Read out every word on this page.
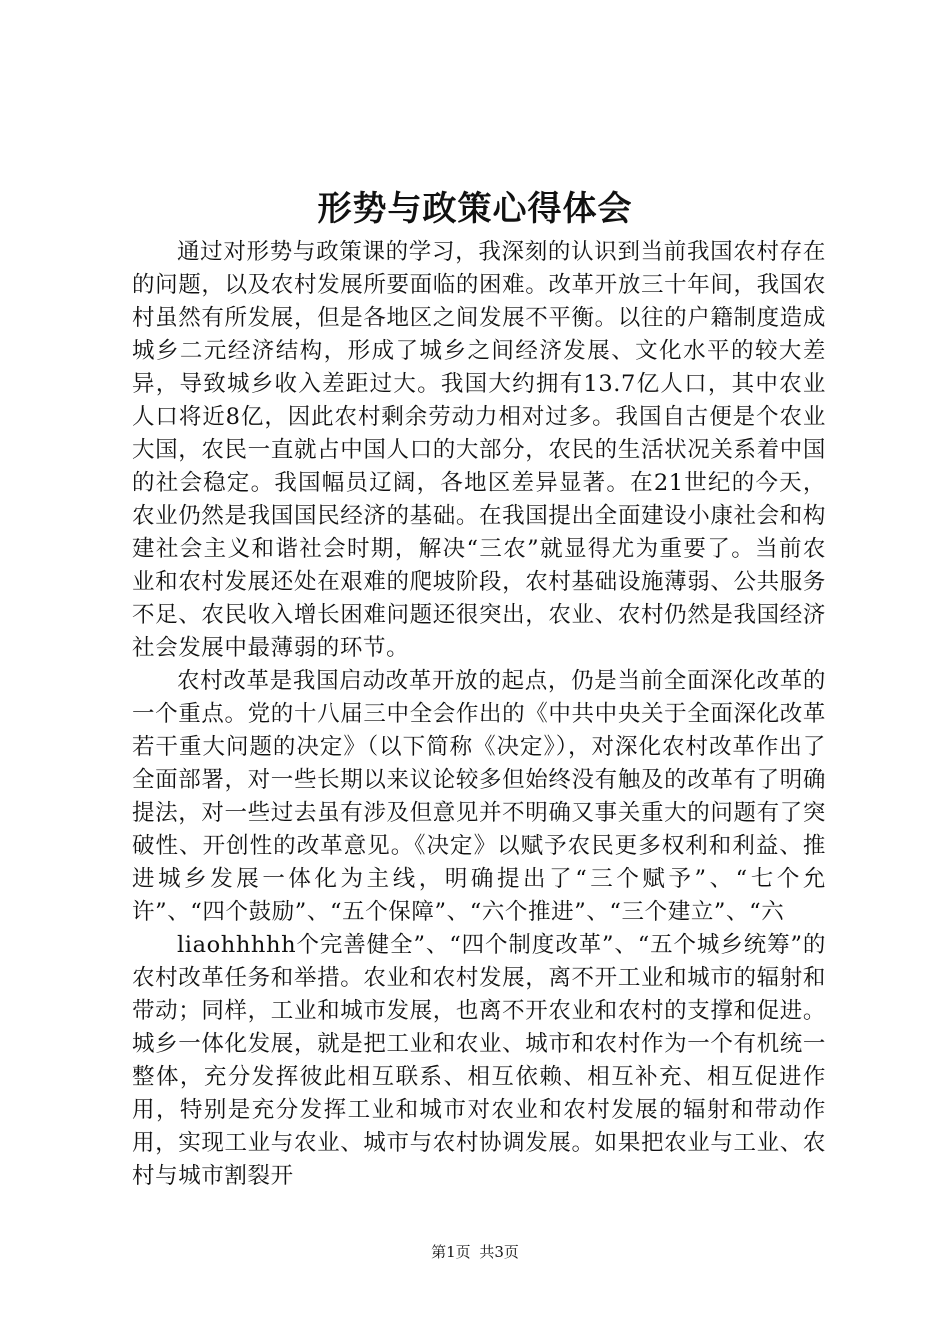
形势与政策心得体会

通过对形势与政策课的学习，我深刻的认识到当前我国农村存在的问题，以及农村发展所要面临的困难。改革开放三十年间，我国农村虽然有所发展，但是各地区之间发展不平衡。以往的户籍制度造成城乡二元经济结构，形成了城乡之间经济发展、文化水平的较大差异，导致城乡收入差距过大。我国大约拥有13.7亿人口，其中农业人口将近8亿，因此农村剩余劳动力相对过多。我国自古便是个农业大国，农民一直就占中国人口的大部分，农民的生活状况关系着中国的社会稳定。我国幅员辽阔，各地区差异显著。在21世纪的今天，农业仍然是我国国民经济的基础。在我国提出全面建设小康社会和构建社会主义和谐社会时期，解决“三农”就显得尤为重要了。当前农业和农村发展还处在艰难的爬坡阶段，农村基础设施薄弱、公共服务不足、农民收入增长困难问题还很突出，农业、农村仍然是我国经济社会发展中最薄弱的环节。

农村改革是我国启动改革开放的起点，仍是当前全面深化改革的一个重点。党的十八届三中全会作出的《中共中央关于全面深化改革若干重大问题的决定》（以下简称《决定》），对深化农村改革作出了全面部署，对一些长期以来议论较多但始终没有触及的改革有了明确提法，对一些过去虽有涉及但意见并不明确又事关重大的问题有了突破性、开创性的改革意见。《决定》以赋予农民更多权利和利益、推进城乡发展一体化为主线，明确提出了“三个赋予”、“七个允许”、“四个鼓励”、“五个保障”、“六个推进”、“三个建立”、“六

liaohhhhh个完善健全”、“四个制度改革”、“五个城乡统筹”的农村改革任务和举措。农业和农村发展，离不开工业和城市的辐射和带动；同样，工业和城市发展，也离不开农业和农村的支撑和促进。城乡一体化发展，就是把工业和农业、城市和农村作为一个有机统一整体，充分发挥彼此相互联系、相互依赖、相互补充、相互促进作用，特别是充分发挥工业和城市对农业和农村发展的辐射和带动作用，实现工业与农业、城市与农村协调发展。如果把农业与工业、农村与城市割裂开

第1页 共3页
